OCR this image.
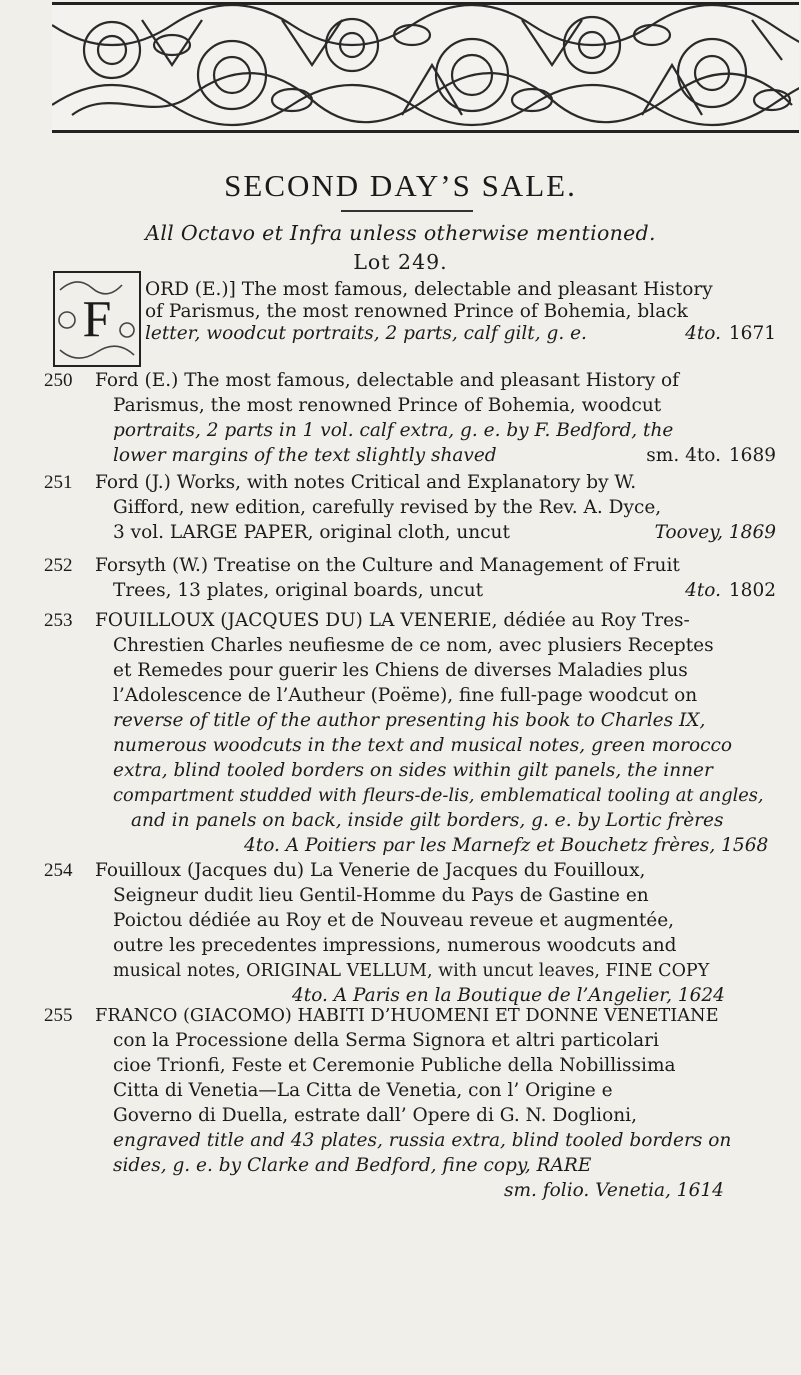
SECOND DAY’S SALE.
All Octavo et Infra unless otherwise mentioned.
Lot 249.
F
ORD (E.)] The most famous, delectable and pleasant History
of Parismus, the most renowned Prince of Bohemia, black
letter, woodcut portraits, 2 parts, calf gilt, g. e.	4to. 1671
250 Ford (E.) The most famous, delectable and pleasant History of
Parismus, the most renowned Prince of Bohemia, woodcut
portraits, 2 parts in 1 vol. calf extra, g. e. by F. Bedford, the
lower margins of the text slightly shaved	sm. 4to. 1689
251 Ford (J.) Works, with notes Critical and Explanatory by W.
Gifford, new edition, carefully revised by the Rev. A. Dyce,
3 vol. LARGE PAPER, original cloth, uncut	Toovey, 1869
252 Forsyth (W.) Treatise on the Culture and Management of Fruit
Trees, 13 plates, original boards, uncut	4to. 1802
253 FOUILLOUX (JACQUES DU) LA VENERIE, dédiée au Roy Tres-
Chrestien Charles neufiesme de ce nom, avec plusiers Receptes
et Remedes pour guerir les Chiens de diverses Maladies plus
l’Adolescence de l’Autheur (Poëme), fine full-page woodcut on
reverse of title of the author presenting his book to Charles IX,
numerous woodcuts in the text and musical notes, green morocco
extra, blind tooled borders on sides within gilt panels, the inner
compartment studded with fleurs-de-lis, emblematical tooling at angles,
and in panels on back, inside gilt borders, g. e. by Lortic frères
4to. A Poitiers par les Marnefz et Bouchetz frères, 1568
254 Fouilloux (Jacques du) La Venerie de Jacques du Fouilloux,
Seigneur dudit lieu Gentil-Homme du Pays de Gastine en
Poictou dédiée au Roy et de Nouveau reveue et augmentée,
outre les precedentes impressions, numerous woodcuts and
musical notes, ORIGINAL VELLUM, with uncut leaves, FINE COPY
4to. A Paris en la Boutique de l’Angelier, 1624
255 FRANCO (GIACOMO) HABITI D’HUOMENI ET DONNE VENETIANE
con la Processione della Serma Signora et altri particolari
cioe Trionfi, Feste et Ceremonie Publiche della Nobillissima
Citta di Venetia—La Citta de Venetia, con l’ Origine e
Governo di Duella, estrate dall’ Opere di G. N. Doglioni,
engraved title and 43 plates, russia extra, blind tooled borders on
sides, g. e. by Clarke and Bedford, fine copy, RARE
sm. folio. Venetia, 1614
